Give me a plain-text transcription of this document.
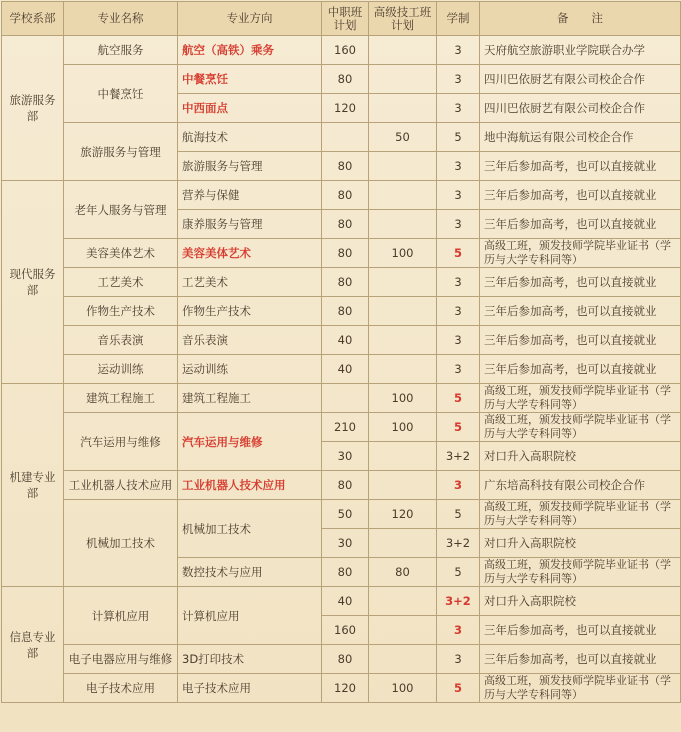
学校系部	专业名称	专业方向	中职班计划	高级技工班计划	学制	备　　注
旅游服务部	航空服务	航空（高铁）乘务	160		3	天府航空旅游职业学院联合办学
	中餐烹饪	中餐烹饪	80		3	四川巴依厨艺有限公司校企合作
		中西面点	120		3	四川巴依厨艺有限公司校企合作
	旅游服务与管理	航海技术		50	5	地中海航运有限公司校企合作
		旅游服务与管理	80		3	三年后参加高考，也可以直接就业
现代服务部	老年人服务与管理	营养与保健	80		3	三年后参加高考，也可以直接就业
		康养服务与管理	80		3	三年后参加高考，也可以直接就业
	美容美体艺术	美容美体艺术	80	100	5	高级工班，颁发技师学院毕业证书（学历与大学专科同等）
	工艺美术	工艺美术	80		3	三年后参加高考，也可以直接就业
	作物生产技术	作物生产技术	80		3	三年后参加高考，也可以直接就业
	音乐表演	音乐表演	40		3	三年后参加高考，也可以直接就业
	运动训练	运动训练	40		3	三年后参加高考，也可以直接就业
机建专业部	建筑工程施工	建筑工程施工		100	5	高级工班，颁发技师学院毕业证书（学历与大学专科同等）
	汽车运用与维修	汽车运用与维修	210	100	5	高级工班，颁发技师学院毕业证书（学历与大学专科同等）
			30		3+2	对口升入高职院校
	工业机器人技术应用	工业机器人技术应用	80		3	广东培高科技有限公司校企合作
	机械加工技术	机械加工技术	50	120	5	高级工班，颁发技师学院毕业证书（学历与大学专科同等）
			30		3+2	对口升入高职院校
		数控技术与应用	80	80	5	高级工班，颁发技师学院毕业证书（学历与大学专科同等）
信息专业部	计算机应用	计算机应用	40		3+2	对口升入高职院校
			160		3	三年后参加高考，也可以直接就业
	电子电器应用与维修	3D打印技术	80		3	三年后参加高考，也可以直接就业
	电子技术应用	电子技术应用	120	100	5	高级工班，颁发技师学院毕业证书（学历与大学专科同等）
